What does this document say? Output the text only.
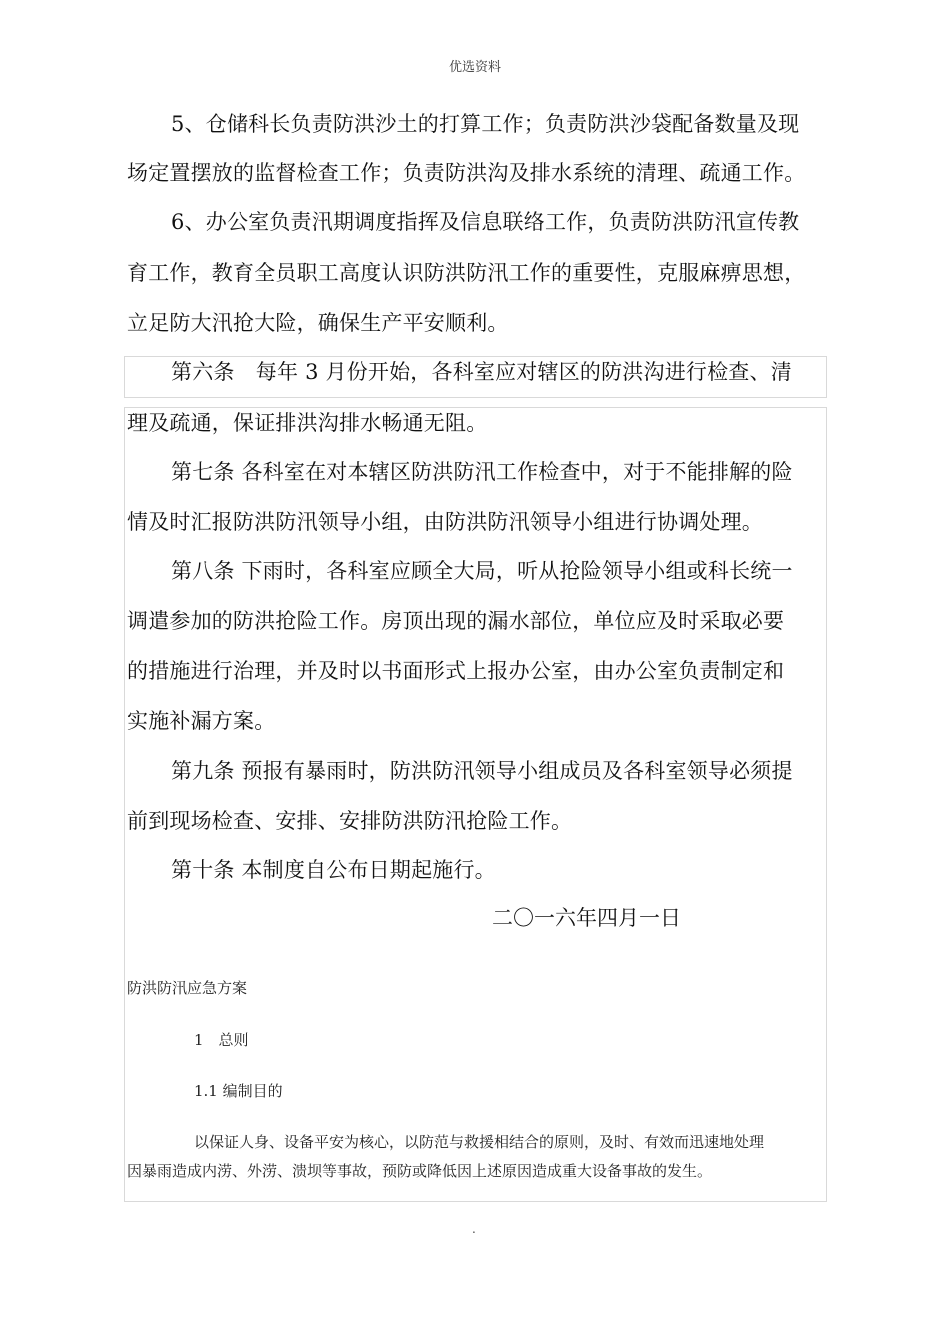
优选资料
5、仓储科长负责防洪沙土的打算工作；负责防洪沙袋配备数量及现
场定置摆放的监督检查工作；负责防洪沟及排水系统的清理、疏通工作。
6、办公室负责汛期调度指挥及信息联络工作，负责防洪防汛宣传教
育工作，教育全员职工高度认识防洪防汛工作的重要性，克服麻痹思想，
立足防大汛抢大险，确保生产平安顺利。
第六条　每年 3 月份开始，各科室应对辖区的防洪沟进行检查、清
理及疏通，保证排洪沟排水畅通无阻。
第七条 各科室在对本辖区防洪防汛工作检查中，对于不能排解的险
情及时汇报防洪防汛领导小组，由防洪防汛领导小组进行协调处理。
第八条 下雨时，各科室应顾全大局，听从抢险领导小组或科长统一
调遣参加的防洪抢险工作。房顶出现的漏水部位，单位应及时采取必要
的措施进行治理，并及时以书面形式上报办公室，由办公室负责制定和
实施补漏方案。
第九条 预报有暴雨时，防洪防汛领导小组成员及各科室领导必须提
前到现场检查、安排、安排防洪防汛抢险工作。
第十条 本制度自公布日期起施行。
二〇一六年四月一日
防洪防汛应急方案
1　总则
1.1 编制目的
以保证人身、设备平安为核心，以防范与救援相结合的原则，及时、有效而迅速地处理
因暴雨造成内涝、外涝、溃坝等事故，预防或降低因上述原因造成重大设备事故的发生。
.
